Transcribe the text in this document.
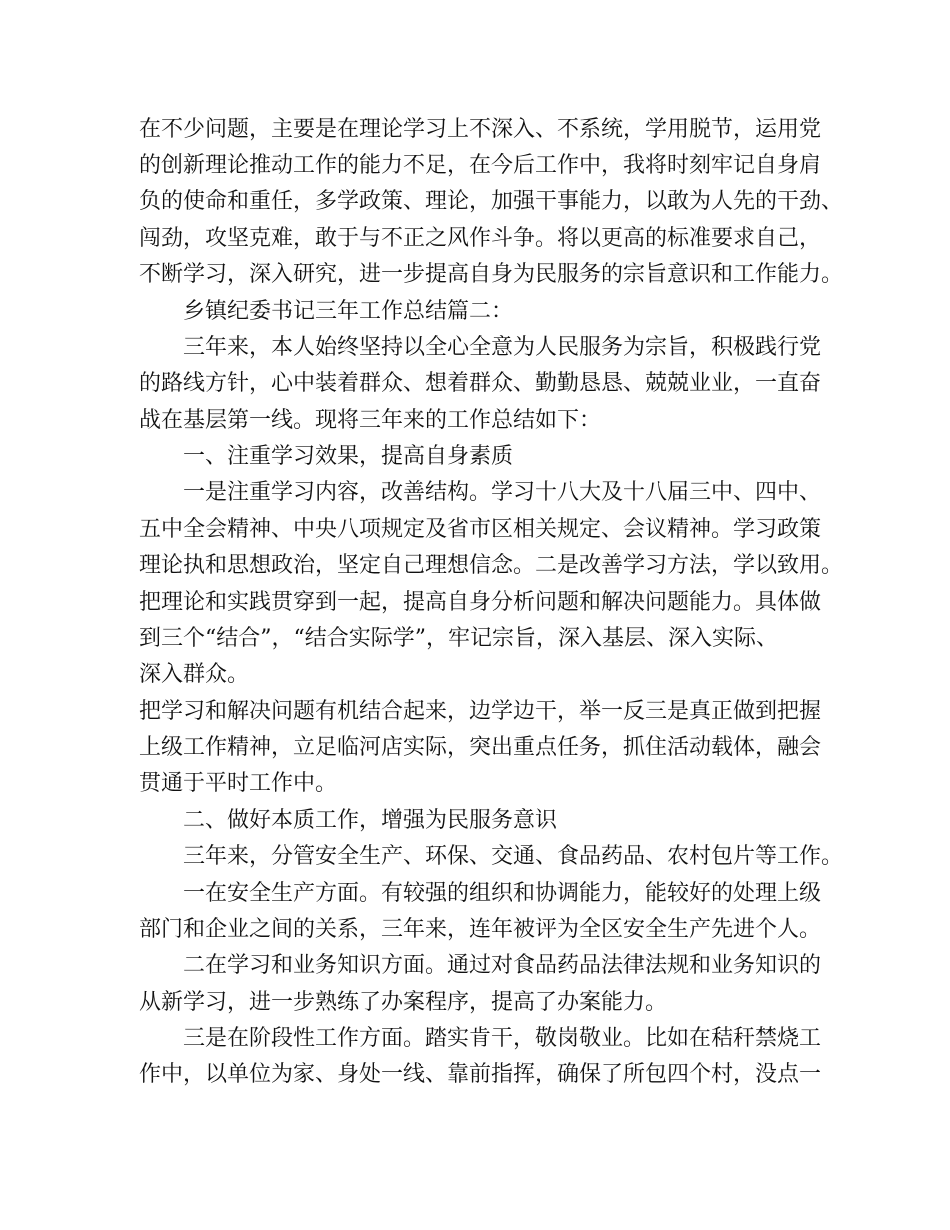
在不少问题，主要是在理论学习上不深入、不系统，学用脱节，运用党

的创新理论推动工作的能力不足，在今后工作中，我将时刻牢记自身肩

负的使命和重任，多学政策、理论，加强干事能力，以敢为人先的干劲、

闯劲，攻坚克难，敢于与不正之风作斗争。将以更高的标准要求自己，

不断学习，深入研究，进一步提高自身为民服务的宗旨意识和工作能力。

乡镇纪委书记三年工作总结篇二：

三年来，本人始终坚持以全心全意为人民服务为宗旨，积极践行党

的路线方针，心中装着群众、想着群众、勤勤恳恳、兢兢业业，一直奋

战在基层第一线。现将三年来的工作总结如下：

一、注重学习效果，提高自身素质

一是注重学习内容，改善结构。学习十八大及十八届三中、四中、

五中全会精神、中央八项规定及省市区相关规定、会议精神。学习政策

理论执和思想政治，坚定自己理想信念。二是改善学习方法，学以致用。

把理论和实践贯穿到一起，提高自身分析问题和解决问题能力。具体做

到三个“结合”，“结合实际学”，牢记宗旨，深入基层、深入实际、

深入群众。

把学习和解决问题有机结合起来，边学边干，举一反三是真正做到把握

上级工作精神，立足临河店实际，突出重点任务，抓住活动载体，融会

贯通于平时工作中。

二、做好本质工作，增强为民服务意识

三年来，分管安全生产、环保、交通、食品药品、农村包片等工作。

一在安全生产方面。有较强的组织和协调能力，能较好的处理上级

部门和企业之间的关系，三年来，连年被评为全区安全生产先进个人。

二在学习和业务知识方面。通过对食品药品法律法规和业务知识的

从新学习，进一步熟练了办案程序，提高了办案能力。

三是在阶段性工作方面。踏实肯干，敬岗敬业。比如在秸秆禁烧工

作中，以单位为家、身处一线、靠前指挥，确保了所包四个村，没点一
